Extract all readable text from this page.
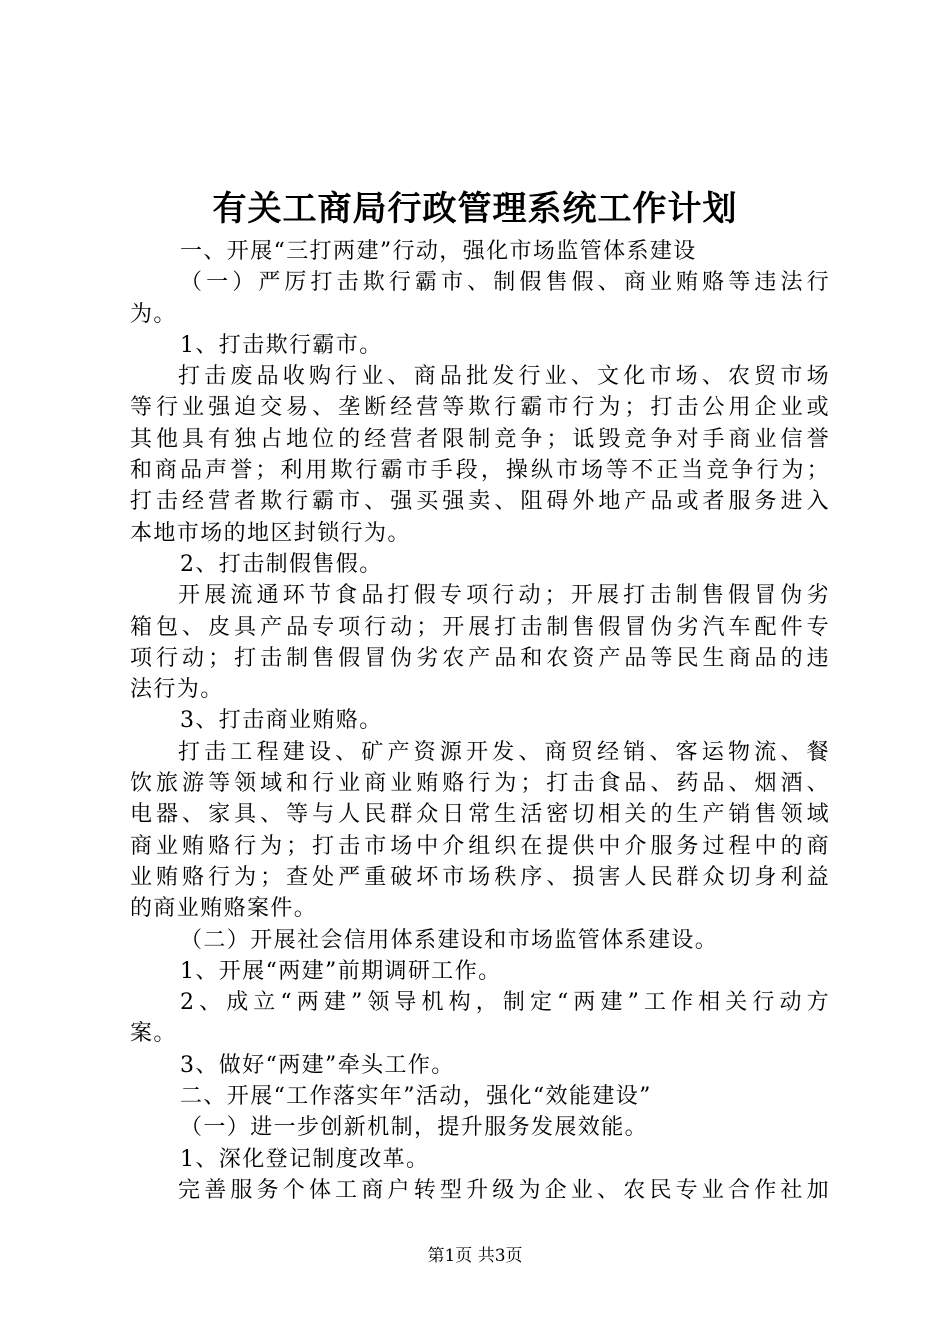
有关工商局行政管理系统工作计划
一、开展“三打两建”行动，强化市场监管体系建设
（一）严厉打击欺行霸市、制假售假、商业贿赂等违法行
为。
1、打击欺行霸市。
打击废品收购行业、商品批发行业、文化市场、农贸市场
等行业强迫交易、垄断经营等欺行霸市行为；打击公用企业或
其他具有独占地位的经营者限制竞争；诋毁竞争对手商业信誉
和商品声誉；利用欺行霸市手段，操纵市场等不正当竞争行为；
打击经营者欺行霸市、强买强卖、阻碍外地产品或者服务进入
本地市场的地区封锁行为。
2、打击制假售假。
开展流通环节食品打假专项行动；开展打击制售假冒伪劣
箱包、皮具产品专项行动；开展打击制售假冒伪劣汽车配件专
项行动；打击制售假冒伪劣农产品和农资产品等民生商品的违
法行为。
3、打击商业贿赂。
打击工程建设、矿产资源开发、商贸经销、客运物流、餐
饮旅游等领域和行业商业贿赂行为；打击食品、药品、烟酒、
电器、家具、等与人民群众日常生活密切相关的生产销售领域
商业贿赂行为；打击市场中介组织在提供中介服务过程中的商
业贿赂行为；查处严重破坏市场秩序、损害人民群众切身利益
的商业贿赂案件。
（二）开展社会信用体系建设和市场监管体系建设。
1、开展“两建”前期调研工作。
2、成立“两建”领导机构，制定“两建”工作相关行动方
案。
3、做好“两建”牵头工作。
二、开展“工作落实年”活动，强化“效能建设”
（一）进一步创新机制，提升服务发展效能。
1、深化登记制度改革。
完善服务个体工商户转型升级为企业、农民专业合作社加
第1页 共3页
